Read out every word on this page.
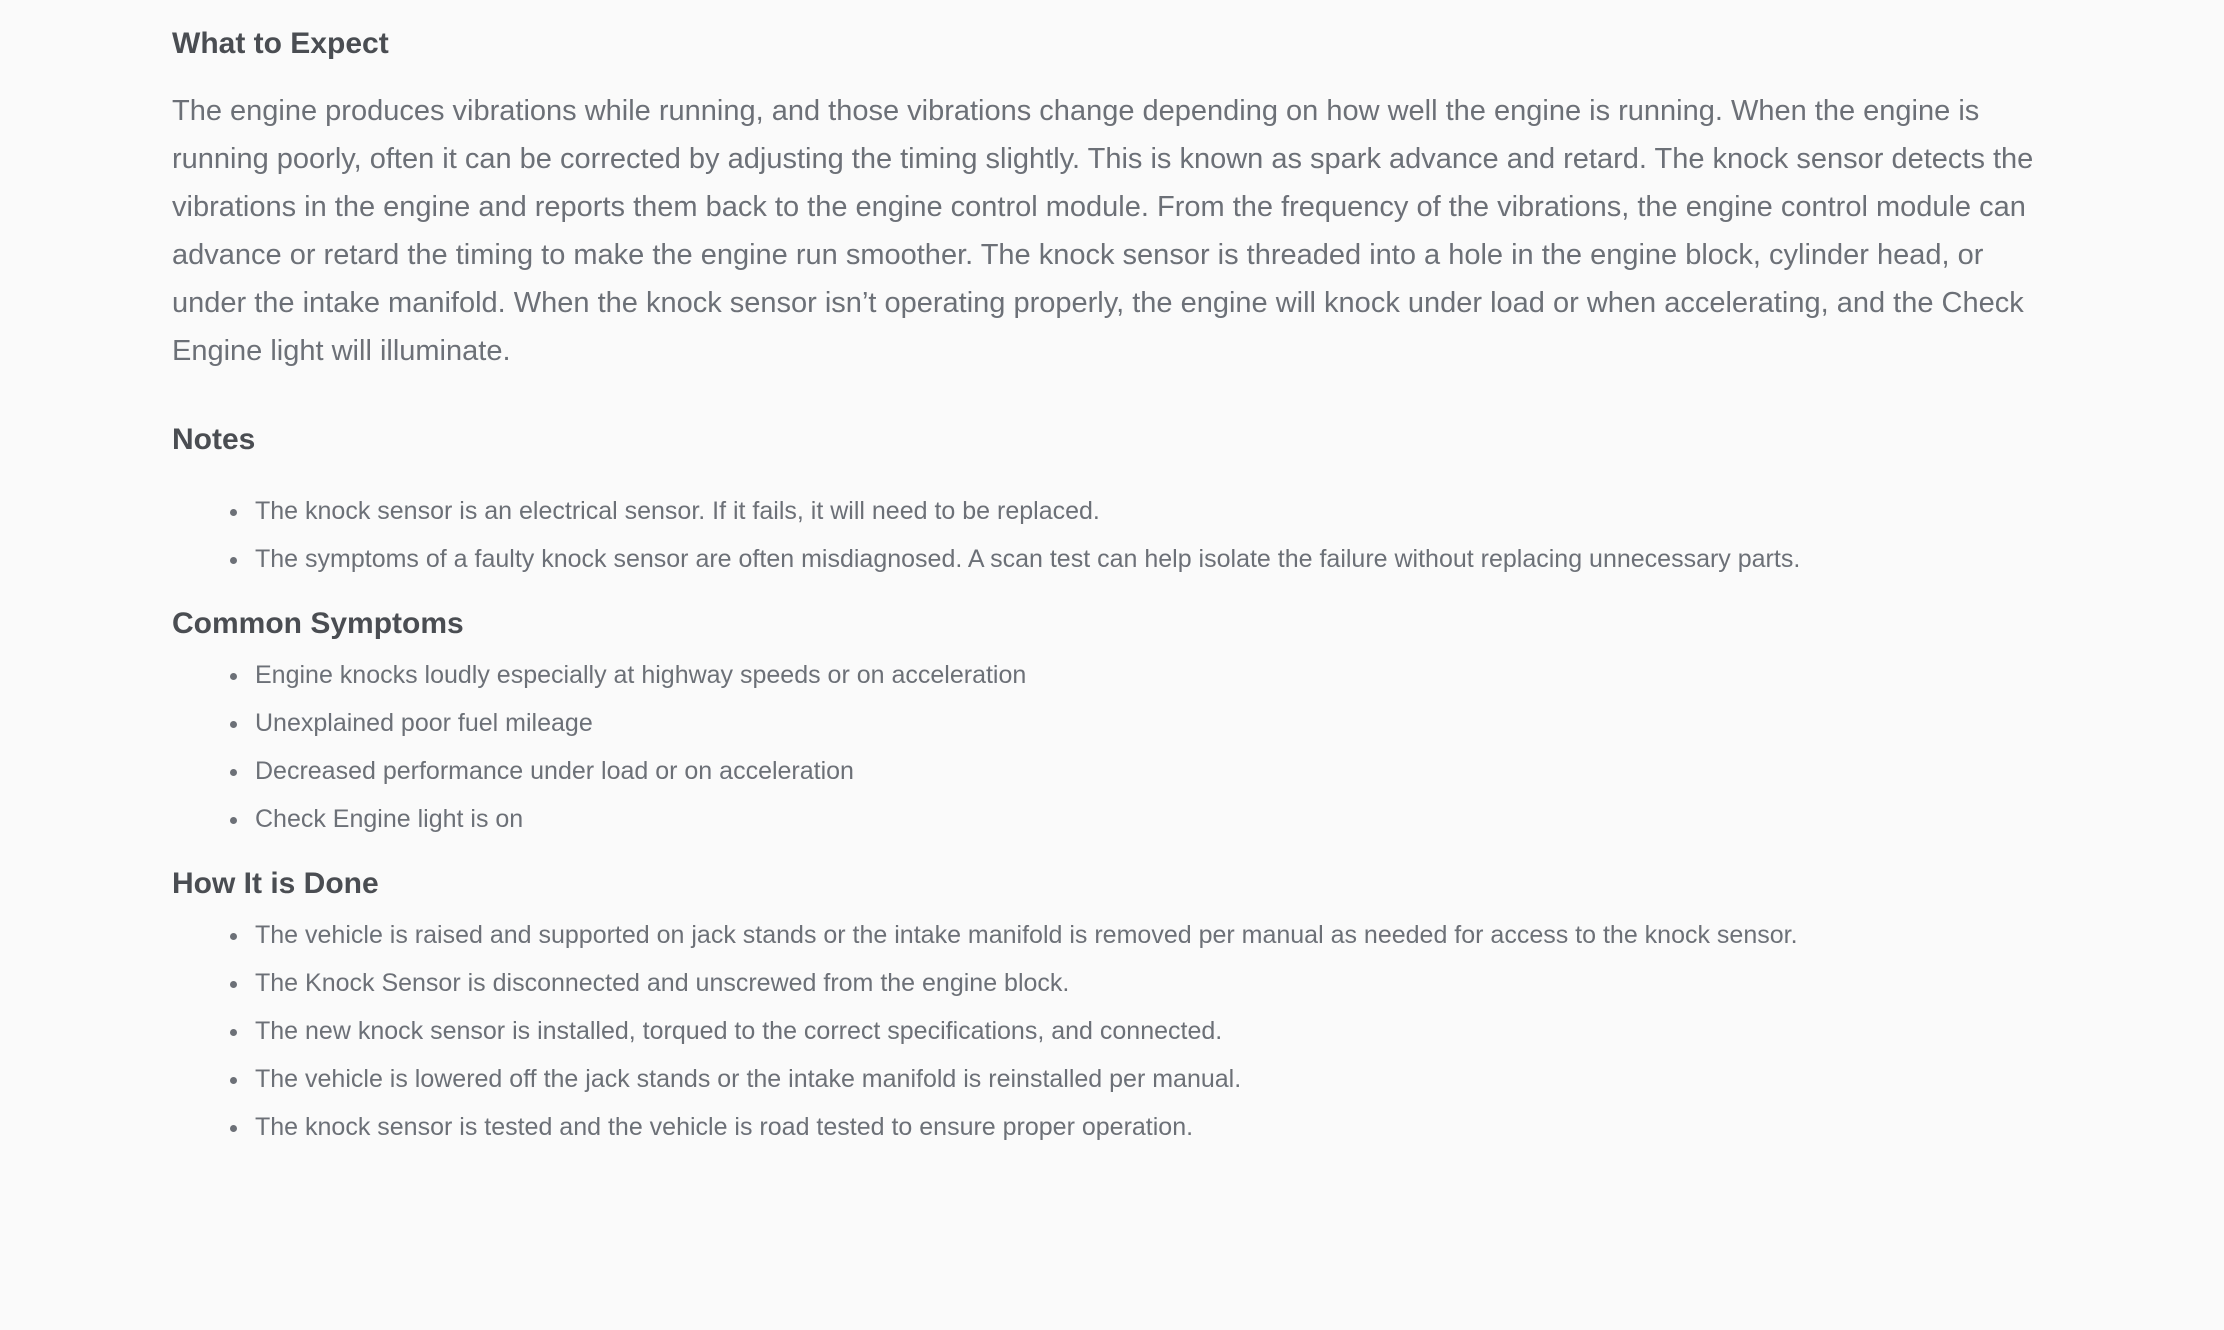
What to Expect

The engine produces vibrations while running, and those vibrations change depending on how well the engine is running. When the engine is running poorly, often it can be corrected by adjusting the timing slightly. This is known as spark advance and retard. The knock sensor detects the vibrations in the engine and reports them back to the engine control module. From the frequency of the vibrations, the engine control module can advance or retard the timing to make the engine run smoother. The knock sensor is threaded into a hole in the engine block, cylinder head, or under the intake manifold. When the knock sensor isn’t operating properly, the engine will knock under load or when accelerating, and the Check Engine light will illuminate.

Notes
• The knock sensor is an electrical sensor. If it fails, it will need to be replaced.
• The symptoms of a faulty knock sensor are often misdiagnosed. A scan test can help isolate the failure without replacing unnecessary parts.
Common Symptoms
• Engine knocks loudly especially at highway speeds or on acceleration
• Unexplained poor fuel mileage
• Decreased performance under load or on acceleration
• Check Engine light is on
How It is Done
• The vehicle is raised and supported on jack stands or the intake manifold is removed per manual as needed for access to the knock sensor.
• The Knock Sensor is disconnected and unscrewed from the engine block.
• The new knock sensor is installed, torqued to the correct specifications, and connected.
• The vehicle is lowered off the jack stands or the intake manifold is reinstalled per manual.
• The knock sensor is tested and the vehicle is road tested to ensure proper operation.
